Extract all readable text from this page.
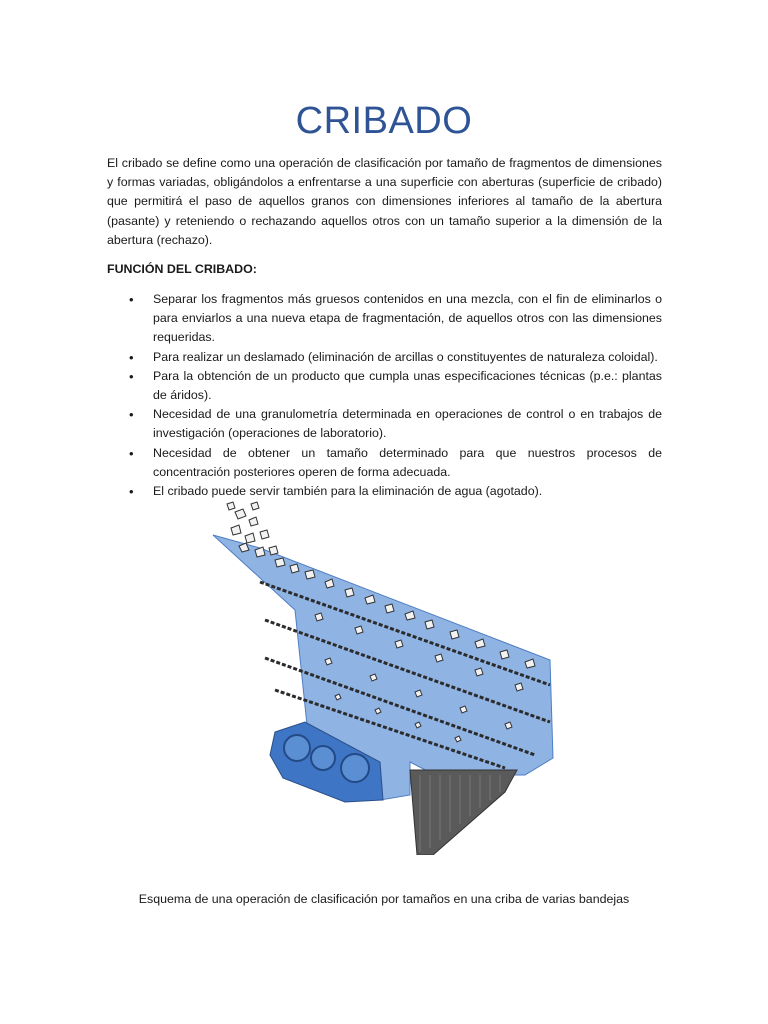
CRIBADO

El cribado se define como una operación de clasificación por tamaño de fragmentos de dimensiones y formas variadas, obligándolos a enfrentarse a una superficie con aberturas (superficie de cribado) que permitirá el paso de aquellos granos con dimensiones inferiores al tamaño de la abertura (pasante) y reteniendo o rechazando aquellos otros con un tamaño superior a la dimensión de la abertura (rechazo).

FUNCIÓN DEL CRIBADO:
• Separar los fragmentos más gruesos contenidos en una mezcla, con el fin de eliminarlos o para enviarlos a una nueva etapa de fragmentación, de aquellos otros con las dimensiones requeridas.
• Para realizar un deslamado (eliminación de arcillas o constituyentes de naturaleza coloidal).
• Para la obtención de un producto que cumpla unas especificaciones técnicas (p.e.: plantas de áridos).
• Necesidad de una granulometría determinada en operaciones de control o en trabajos de investigación (operaciones de laboratorio).
• Necesidad de obtener un tamaño determinado para que nuestros procesos de concentración posteriores operen de forma adecuada.
• El cribado puede servir también para la eliminación de agua (agotado).
Esquema de una operación de clasificación por tamaños en una criba de varias bandejas
